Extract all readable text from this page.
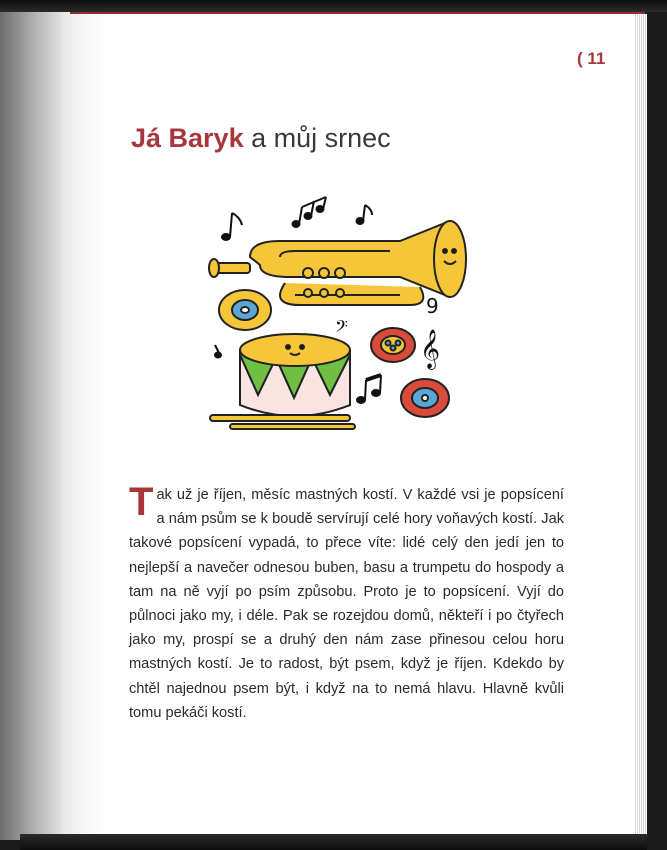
( 11
Já Baryk a můj srnec
𝄞
9
𝄢

Tak už je říjen, měsíc mastných kostí. V každé vsi je popsícení a nám psům se k boudě servírují celé hory voňavých kostí. Jak takové popsícení vypadá, to přece víte: lidé celý den jedí jen to nejlepší a navečer odnesou buben, basu a trumpetu do hospody a tam na ně vyjí po psím způsobu. Proto je to popsícení. Vyjí do půlnoci jako my, i déle. Pak se rozejdou domů, někteří i po čtyřech jako my, prospí se a druhý den nám zase přinesou celou horu mastných kostí. Je to radost, být psem, když je říjen. Kdekdo by chtěl najednou psem být, i když na to nemá hlavu. Hlavně kvůli tomu pekáči kostí.
